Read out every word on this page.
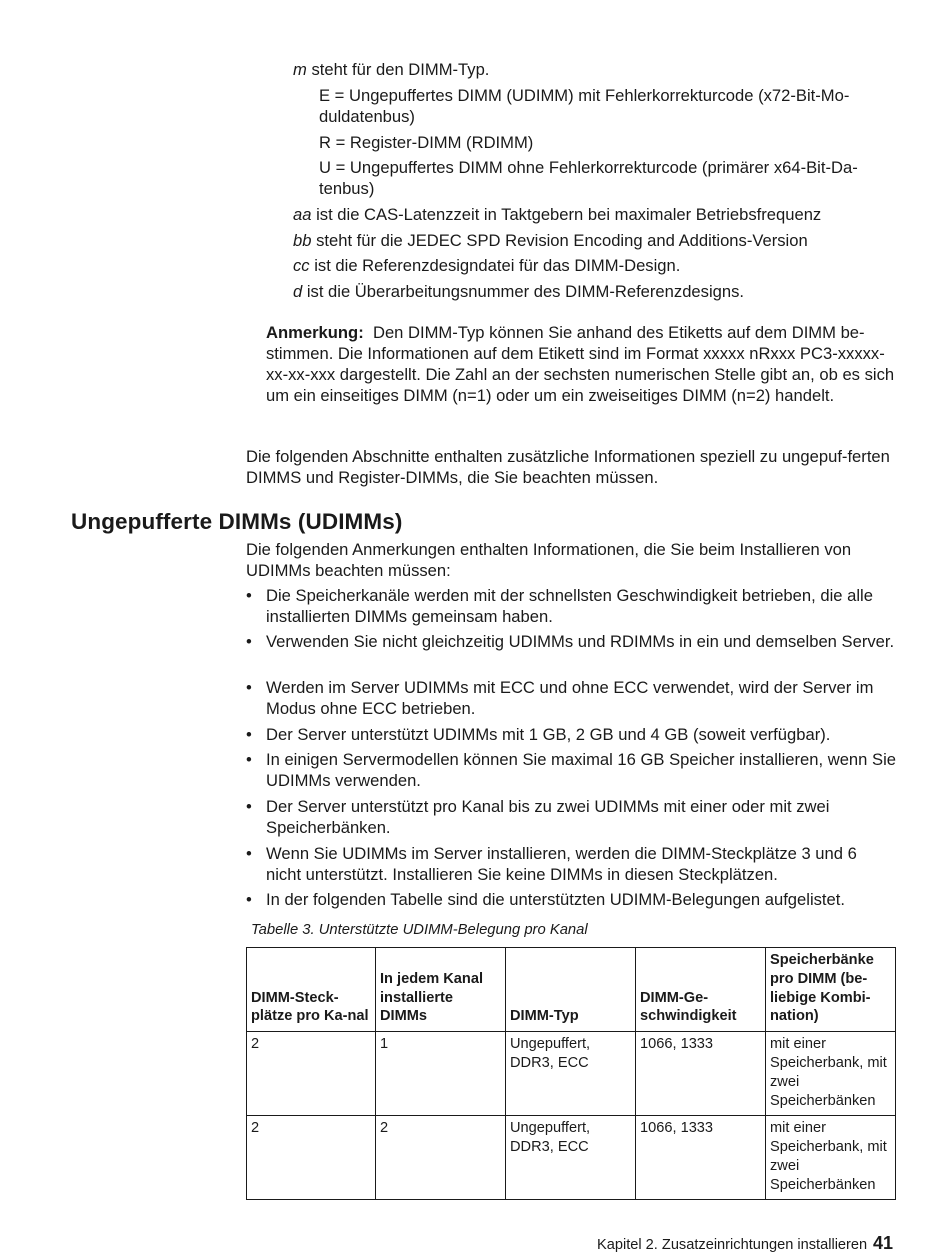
m steht für den DIMM-Typ.
E = Ungepuffertes DIMM (UDIMM) mit Fehlerkorrekturcode (x72-Bit-Mo-duldatenbus)
R = Register-DIMM (RDIMM)
U = Ungepuffertes DIMM ohne Fehlerkorrekturcode (primärer x64-Bit-Da-tenbus)
aa ist die CAS-Latenzzeit in Taktgebern bei maximaler Betriebsfrequenz
bb steht für die JEDEC SPD Revision Encoding and Additions-Version
cc ist die Referenzdesigndatei für das DIMM-Design.
d ist die Überarbeitungsnummer des DIMM-Referenzdesigns.
Anmerkung: Den DIMM-Typ können Sie anhand des Etiketts auf dem DIMM be-stimmen. Die Informationen auf dem Etikett sind im Format xxxxx nRxxx PC3-xxxxx-xx-xx-xxx dargestellt. Die Zahl an der sechsten numerischen Stelle gibt an, ob es sich um ein einseitiges DIMM (n=1) oder um ein zweiseitiges DIMM (n=2) handelt.
Die folgenden Abschnitte enthalten zusätzliche Informationen speziell zu ungepuf-ferten DIMMS und Register-DIMMs, die Sie beachten müssen.
Ungepufferte DIMMs (UDIMMs)
Die folgenden Anmerkungen enthalten Informationen, die Sie beim Installieren von UDIMMs beachten müssen:
• Die Speicherkanäle werden mit der schnellsten Geschwindigkeit betrieben, die alle installierten DIMMs gemeinsam haben.
• Verwenden Sie nicht gleichzeitig UDIMMs und RDIMMs in ein und demselben Server.
• Werden im Server UDIMMs mit ECC und ohne ECC verwendet, wird der Server im Modus ohne ECC betrieben.
• Der Server unterstützt UDIMMs mit 1 GB, 2 GB und 4 GB (soweit verfügbar).
• In einigen Servermodellen können Sie maximal 16 GB Speicher installieren, wenn Sie UDIMMs verwenden.
• Der Server unterstützt pro Kanal bis zu zwei UDIMMs mit einer oder mit zwei Speicherbänken.
• Wenn Sie UDIMMs im Server installieren, werden die DIMM-Steckplätze 3 und 6 nicht unterstützt. Installieren Sie keine DIMMs in diesen Steckplätzen.
• In der folgenden Tabelle sind die unterstützten UDIMM-Belegungen aufgelistet.
Tabelle 3. Unterstützte UDIMM-Belegung pro Kanal
DIMM-Steck-plätze pro Ka-nal	In jedem Kanal installierte DIMMs	DIMM-Typ	DIMM-Ge-schwindigkeit	Speicherbänke pro DIMM (be-liebige Kombi-nation)
2	1	Ungepuffert, DDR3, ECC	1066, 1333	mit einer Speicherbank, mit zwei Speicherbänken
2	2	Ungepuffert, DDR3, ECC	1066, 1333	mit einer Speicherbank, mit zwei Speicherbänken
Kapitel 2. Zusatzeinrichtungen installieren 41
